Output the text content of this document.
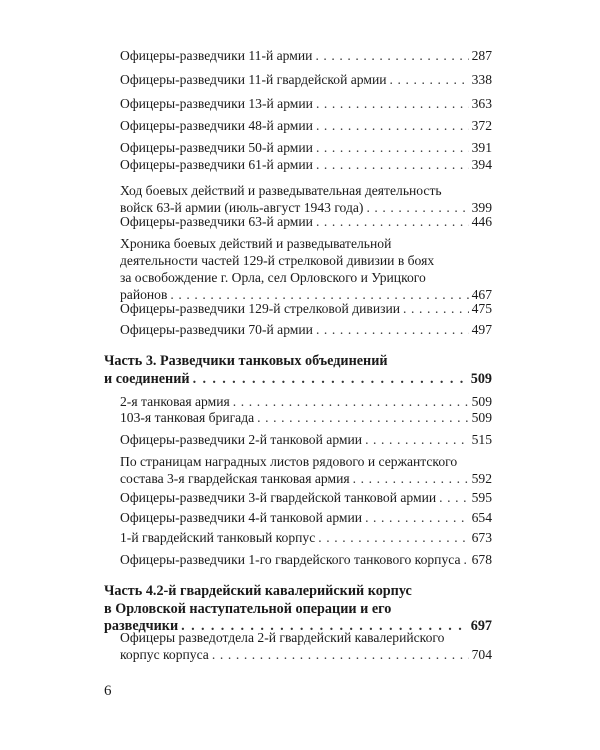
Офицеры-разведчики 11-й армии . . .	287
Офицеры-разведчики 11-й гвардейской армии . . .	338
Офицеры-разведчики 13-й армии . . .	363
Офицеры-разведчики 48-й армии . . .	372
Офицеры-разведчики 50-й армии . . .	391
Офицеры-разведчики 61-й армии . . .	394
Ход боевых действий и разведывательная деятельность
войск 63-й армии (июль-август 1943 года) . . .	399
Офицеры-разведчики 63-й армии . . .	446
Хроника боевых действий и разведывательной
деятельности частей 129-й стрелковой дивизии в боях
за освобождение г. Орла, сел Орловского и Урицкого
районов . . .	467
Офицеры-разведчики 129-й стрелковой дивизии . . .	475
Офицеры-разведчики 70-й армии . . .	497
Часть 3. Разведчики танковых объединений
и соединений . . .	509
2-я танковая армия . . .	509
103-я танковая бригада . . .	509
Офицеры-разведчики 2-й танковой армии . . .	515
По страницам наградных листов рядового и сержантского
состава 3-я гвардейская танковая армия . . .	592
Офицеры-разведчики 3-й гвардейской танковой армии . . .	595
Офицеры-разведчики 4-й танковой армии . . .	654
1-й гвардейский танковый корпус . . .	673
Офицеры-разведчики 1-го гвардейского танкового корпуса . . . 678
Часть 4.2-й гвардейский кавалерийский корпус
в Орловской наступательной операции и его
разведчики . . .	697
Офицеры разведотдела 2-й гвардейский кавалерийского
корпус корпуса . . .	704
6
